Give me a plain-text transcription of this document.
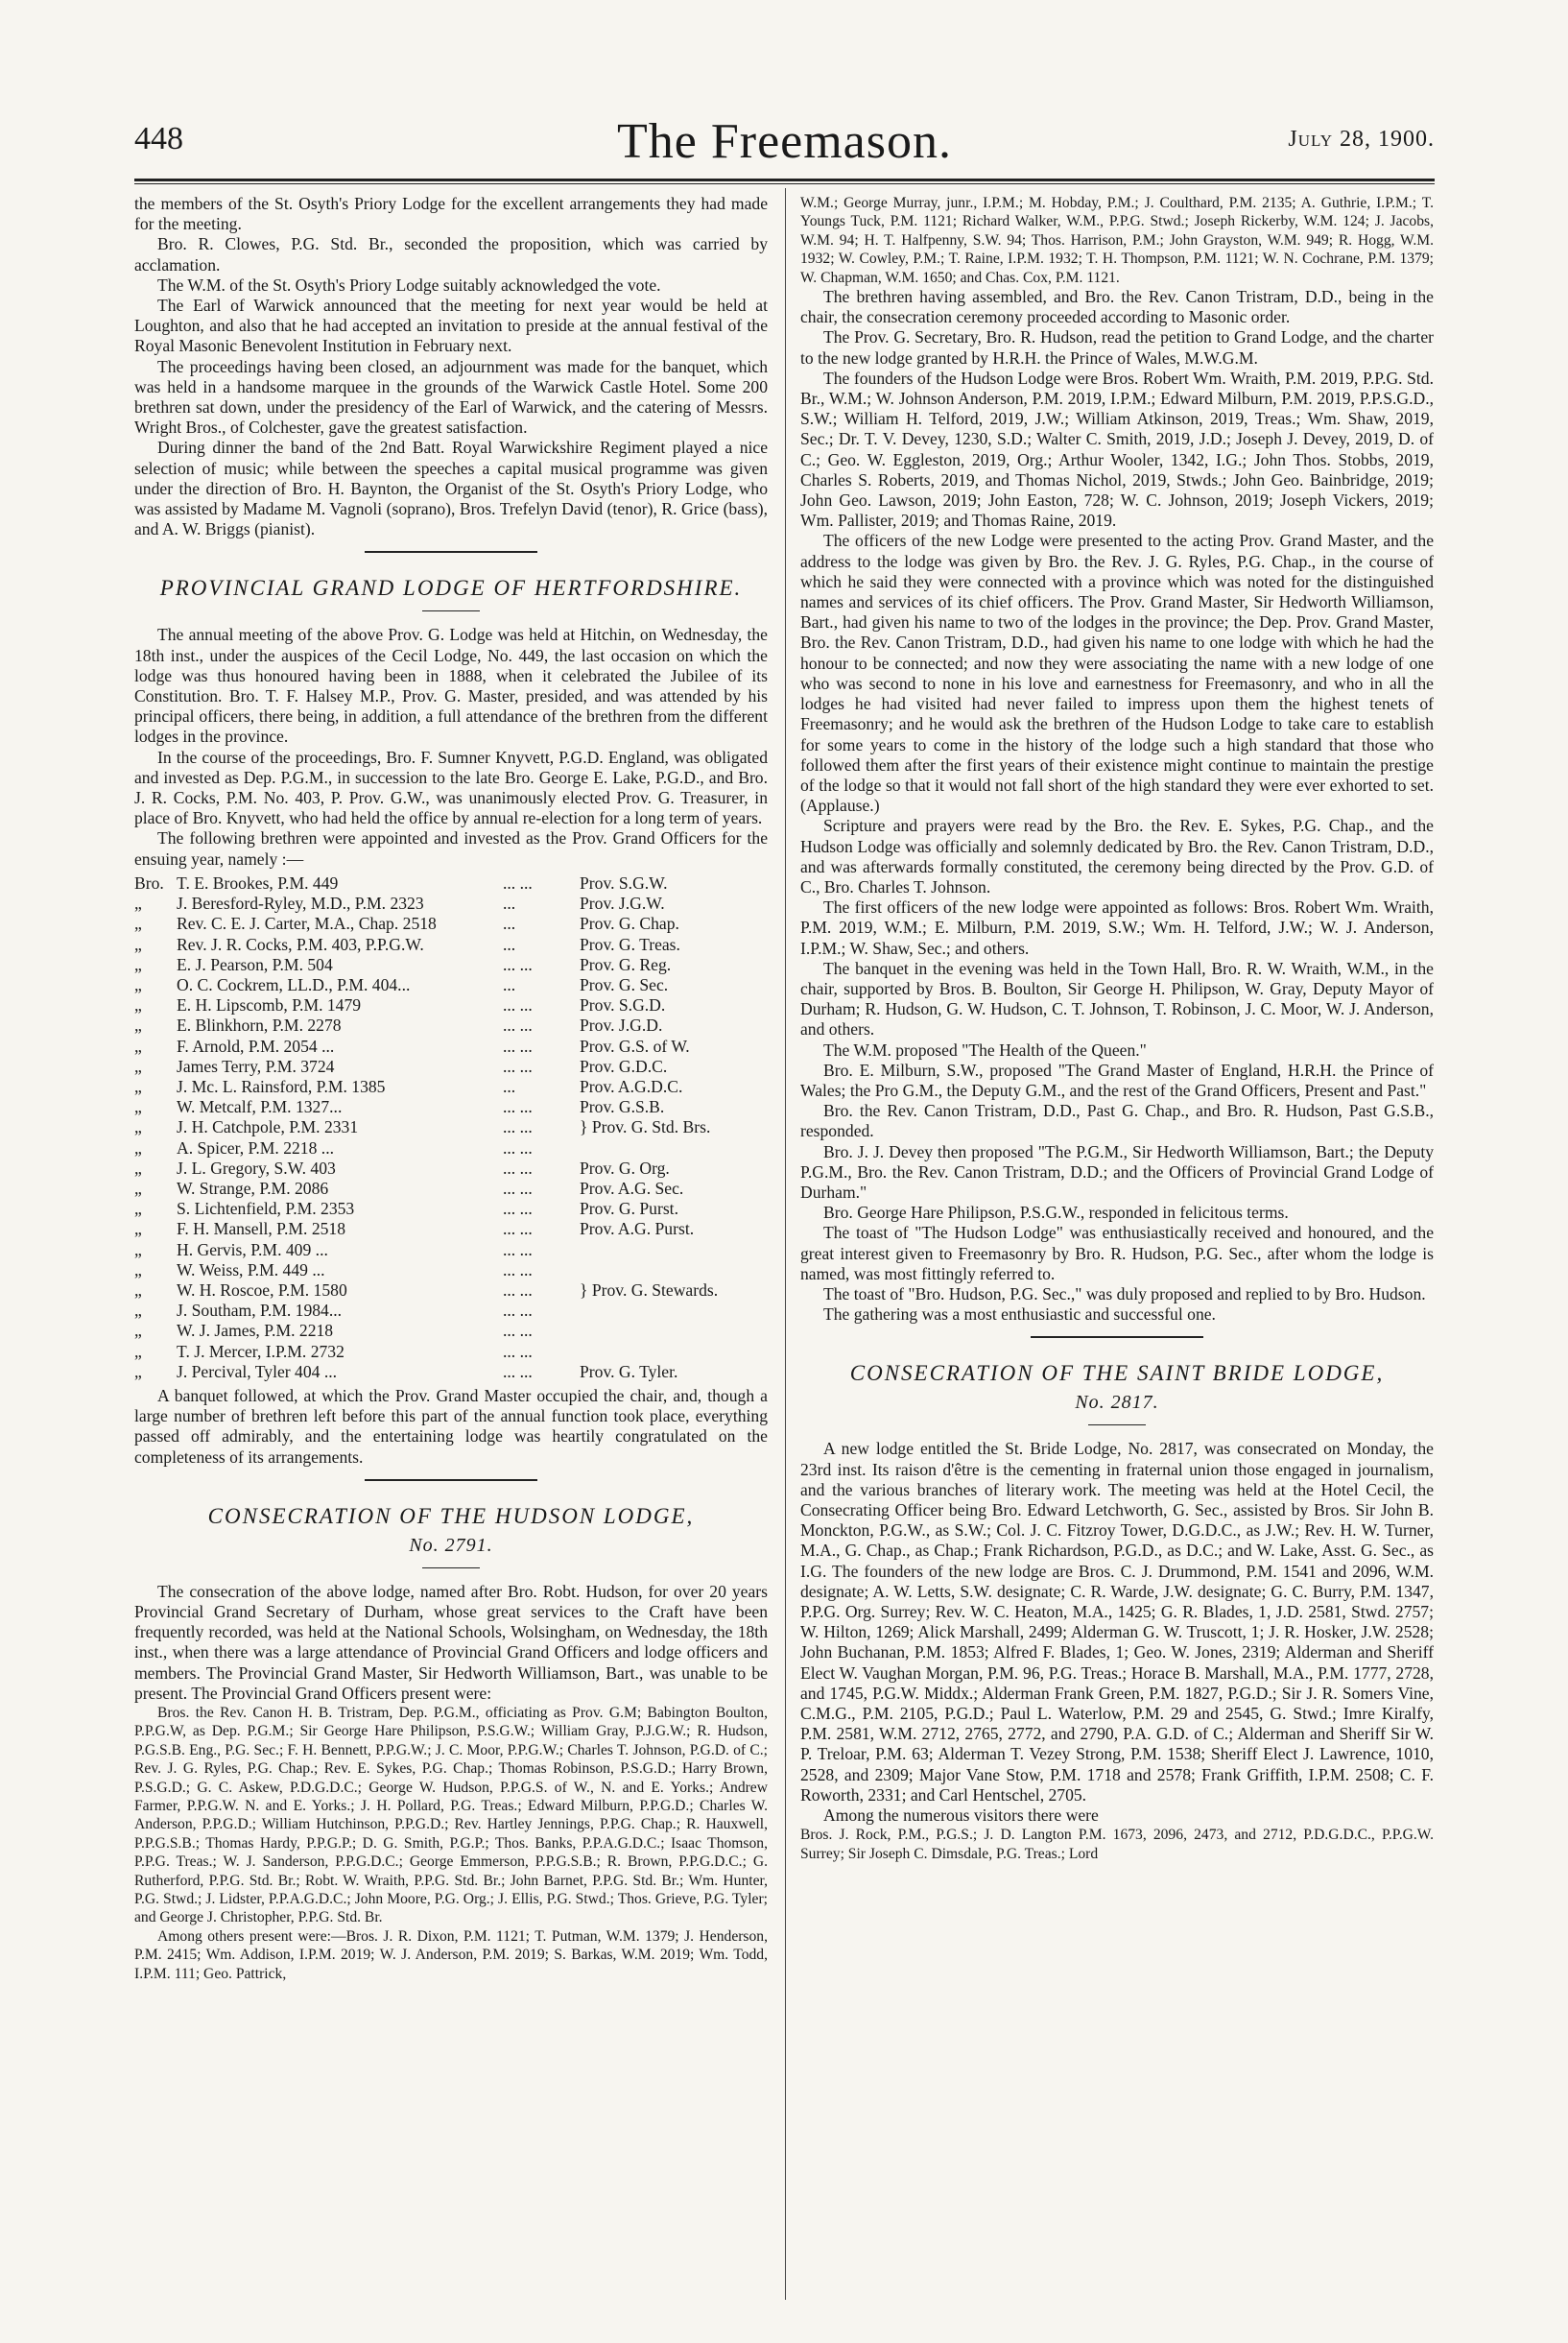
448	The Freemason.	July 28, 1900.

the members of the St. Osyth's Priory Lodge for the excellent arrangements they had made for the meeting.

Bro. R. Clowes, P.G. Std. Br., seconded the proposition, which was carried by acclamation.

The W.M. of the St. Osyth's Priory Lodge suitably acknowledged the vote.

The Earl of Warwick announced that the meeting for next year would be held at Loughton, and also that he had accepted an invitation to preside at the annual festival of the Royal Masonic Benevolent Institution in February next.

The proceedings having been closed, an adjournment was made for the banquet, which was held in a handsome marquee in the grounds of the Warwick Castle Hotel. Some 200 brethren sat down, under the presidency of the Earl of Warwick, and the catering of Messrs. Wright Bros., of Colchester, gave the greatest satisfaction.

During dinner the band of the 2nd Batt. Royal Warwickshire Regiment played a nice selection of music; while between the speeches a capital musical programme was given under the direction of Bro. H. Baynton, the Organist of the St. Osyth's Priory Lodge, who was assisted by Madame M. Vagnoli (soprano), Bros. Trefelyn David (tenor), R. Grice (bass), and A. W. Briggs (pianist).

PROVINCIAL GRAND LODGE OF HERTFORDSHIRE.

The annual meeting of the above Prov. G. Lodge was held at Hitchin, on Wednesday, the 18th inst., under the auspices of the Cecil Lodge, No. 449, the last occasion on which the lodge was thus honoured having been in 1888, when it celebrated the Jubilee of its Constitution. Bro. T. F. Halsey M.P., Prov. G. Master, presided, and was attended by his principal officers, there being, in addition, a full attendance of the brethren from the different lodges in the province.

In the course of the proceedings, Bro. F. Sumner Knyvett, P.G.D. England, was obligated and invested as Dep. P.G.M., in succession to the late Bro. George E. Lake, P.G.D., and Bro. J. R. Cocks, P.M. No. 403, P. Prov. G.W., was unanimously elected Prov. G. Treasurer, in place of Bro. Knyvett, who had held the office by annual re-election for a long term of years.

The following brethren were appointed and invested as the Prov. Grand Officers for the ensuing year, namely :—

Bro. T. E. Brookes, P.M. 449	... ...	Prov. S.G.W.
„	J. Beresford-Ryley, M.D., P.M. 2323	...	Prov. J.G.W.
„	Rev. C. E. J. Carter, M.A., Chap. 2518	...	Prov. G. Chap.
„	Rev. J. R. Cocks, P.M. 403, P.P.G.W.	...	Prov. G. Treas.
„	E. J. Pearson, P.M. 504	... ...	Prov. G. Reg.
„	O. C. Cockrem, LL.D., P.M. 404...	...	Prov. G. Sec.
„	E. H. Lipscomb, P.M. 1479	... ...	Prov. S.G.D.
„	E. Blinkhorn, P.M. 2278	... ...	Prov. J.G.D.
„	F. Arnold, P.M. 2054 ...	... ...	Prov. G.S. of W.
„	James Terry, P.M. 3724	... ...	Prov. G.D.C.
„	J. Mc. L. Rainsford, P.M. 1385	...	Prov. A.G.D.C.
„	W. Metcalf, P.M. 1327...	... ...	Prov. G.S.B.
„	J. H. Catchpole, P.M. 2331	... ...	} Prov. G. Std. Brs.
„	A. Spicer, P.M. 2218 ...	... ...
„	J. L. Gregory, S.W. 403	... ...	Prov. G. Org.
„	W. Strange, P.M. 2086	... ...	Prov. A.G. Sec.
„	S. Lichtenfield, P.M. 2353	... ...	Prov. G. Purst.
„	F. H. Mansell, P.M. 2518	... ...	Prov. A.G. Purst.
„	H. Gervis, P.M. 409 ...	... ...
„	W. Weiss, P.M. 449 ...	... ...
„	W. H. Roscoe, P.M. 1580	... ...	} Prov. G. Stewards.
„	J. Southam, P.M. 1984...	... ...
„	W. J. James, P.M. 2218	... ...
„	T. J. Mercer, I.P.M. 2732	... ...
„	J. Percival, Tyler 404 ...	... ...	Prov. G. Tyler.

A banquet followed, at which the Prov. Grand Master occupied the chair, and, though a large number of brethren left before this part of the annual function took place, everything passed off admirably, and the entertaining lodge was heartily congratulated on the completeness of its arrangements.

CONSECRATION OF THE HUDSON LODGE,
No. 2791.

The consecration of the above lodge, named after Bro. Robt. Hudson, for over 20 years Provincial Grand Secretary of Durham, whose great services to the Craft have been frequently recorded, was held at the National Schools, Wolsingham, on Wednesday, the 18th inst., when there was a large attendance of Provincial Grand Officers and lodge officers and members. The Provincial Grand Master, Sir Hedworth Williamson, Bart., was unable to be present. The Provincial Grand Officers present were:

Bros. the Rev. Canon H. B. Tristram, Dep. P.G.M., officiating as Prov. G.M; Babington Boulton, P.P.G.W, as Dep. P.G.M.; Sir George Hare Philipson, P.S.G.W.; William Gray, P.J.G.W.; R. Hudson, P.G.S.B. Eng., P.G. Sec.; F. H. Bennett, P.P.G.W.; J. C. Moor, P.P.G.W.; Charles T. Johnson, P.G.D. of C.; Rev. J. G. Ryles, P.G. Chap.; Rev. E. Sykes, P.G. Chap.; Thomas Robinson, P.S.G.D.; Harry Brown, P.S.G.D.; G. C. Askew, P.D.G.D.C.; George W. Hudson, P.P.G.S. of W., N. and E. Yorks.; Andrew Farmer, P.P.G.W. N. and E. Yorks.; J. H. Pollard, P.G. Treas.; Edward Milburn, P.P.G.D.; Charles W. Anderson, P.P.G.D.; William Hutchinson, P.P.G.D.; Rev. Hartley Jennings, P.P.G. Chap.; R. Hauxwell, P.P.G.S.B.; Thomas Hardy, P.P.G.P.; D. G. Smith, P.G.P.; Thos. Banks, P.P.A.G.D.C.; Isaac Thomson, P.P.G. Treas.; W. J. Sanderson, P.P.G.D.C.; George Emmerson, P.P.G.S.B.; R. Brown, P.P.G.D.C.; G. Rutherford, P.P.G. Std. Br.; Robt. W. Wraith, P.P.G. Std. Br.; John Barnet, P.P.G. Std. Br.; Wm. Hunter, P.G. Stwd.; J. Lidster, P.P.A.G.D.C.; John Moore, P.G. Org.; J. Ellis, P.G. Stwd.; Thos. Grieve, P.G. Tyler; and George J. Christopher, P.P.G. Std. Br.

Among others present were:—Bros. J. R. Dixon, P.M. 1121; T. Putman, W.M. 1379; J. Henderson, P.M. 2415; Wm. Addison, I.P.M. 2019; W. J. Anderson, P.M. 2019; S. Barkas, W.M. 2019; Wm. Todd, I.P.M. 111; Geo. Pattrick,

W.M.; George Murray, junr., I.P.M.; M. Hobday, P.M.; J. Coulthard, P.M. 2135; A. Guthrie, I.P.M.; T. Youngs Tuck, P.M. 1121; Richard Walker, W.M., P.P.G. Stwd.; Joseph Rickerby, W.M. 124; J. Jacobs, W.M. 94; H. T. Halfpenny, S.W. 94; Thos. Harrison, P.M.; John Grayston, W.M. 949; R. Hogg, W.M. 1932; W. Cowley, P.M.; T. Raine, I.P.M. 1932; T. H. Thompson, P.M. 1121; W. N. Cochrane, P.M. 1379; W. Chapman, W.M. 1650; and Chas. Cox, P.M. 1121.

The brethren having assembled, and Bro. the Rev. Canon Tristram, D.D., being in the chair, the consecration ceremony proceeded according to Masonic order.

The Prov. G. Secretary, Bro. R. Hudson, read the petition to Grand Lodge, and the charter to the new lodge granted by H.R.H. the Prince of Wales, M.W.G.M.

The founders of the Hudson Lodge were Bros. Robert Wm. Wraith, P.M. 2019, P.P.G. Std. Br., W.M.; W. Johnson Anderson, P.M. 2019, I.P.M.; Edward Milburn, P.M. 2019, P.P.S.G.D., S.W.; William H. Telford, 2019, J.W.; William Atkinson, 2019, Treas.; Wm. Shaw, 2019, Sec.; Dr. T. V. Devey, 1230, S.D.; Walter C. Smith, 2019, J.D.; Joseph J. Devey, 2019, D. of C.; Geo. W. Eggleston, 2019, Org.; Arthur Wooler, 1342, I.G.; John Thos. Stobbs, 2019, Charles S. Roberts, 2019, and Thomas Nichol, 2019, Stwds.; John Geo. Bainbridge, 2019; John Geo. Lawson, 2019; John Easton, 728; W. C. Johnson, 2019; Joseph Vickers, 2019; Wm. Pallister, 2019; and Thomas Raine, 2019.

The officers of the new Lodge were presented to the acting Prov. Grand Master, and the address to the lodge was given by Bro. the Rev. J. G. Ryles, P.G. Chap., in the course of which he said they were connected with a province which was noted for the distinguished names and services of its chief officers. The Prov. Grand Master, Sir Hedworth Williamson, Bart., had given his name to two of the lodges in the province; the Dep. Prov. Grand Master, Bro. the Rev. Canon Tristram, D.D., had given his name to one lodge with which he had the honour to be connected; and now they were associating the name with a new lodge of one who was second to none in his love and earnestness for Freemasonry, and who in all the lodges he had visited had never failed to impress upon them the highest tenets of Freemasonry; and he would ask the brethren of the Hudson Lodge to take care to establish for some years to come in the history of the lodge such a high standard that those who followed them after the first years of their existence might continue to maintain the prestige of the lodge so that it would not fall short of the high standard they were ever exhorted to set. (Applause.)

Scripture and prayers were read by the Bro. the Rev. E. Sykes, P.G. Chap., and the Hudson Lodge was officially and solemnly dedicated by Bro. the Rev. Canon Tristram, D.D., and was afterwards formally constituted, the ceremony being directed by the Prov. G.D. of C., Bro. Charles T. Johnson.

The first officers of the new lodge were appointed as follows: Bros. Robert Wm. Wraith, P.M. 2019, W.M.; E. Milburn, P.M. 2019, S.W.; Wm. H. Telford, J.W.; W. J. Anderson, I.P.M.; W. Shaw, Sec.; and others.

The banquet in the evening was held in the Town Hall, Bro. R. W. Wraith, W.M., in the chair, supported by Bros. B. Boulton, Sir George H. Philipson, W. Gray, Deputy Mayor of Durham; R. Hudson, G. W. Hudson, C. T. Johnson, T. Robinson, J. C. Moor, W. J. Anderson, and others.

The W.M. proposed "The Health of the Queen."

Bro. E. Milburn, S.W., proposed "The Grand Master of England, H.R.H. the Prince of Wales; the Pro G.M., the Deputy G.M., and the rest of the Grand Officers, Present and Past."

Bro. the Rev. Canon Tristram, D.D., Past G. Chap., and Bro. R. Hudson, Past G.S.B., responded.

Bro. J. J. Devey then proposed "The P.G.M., Sir Hedworth Williamson, Bart.; the Deputy P.G.M., Bro. the Rev. Canon Tristram, D.D.; and the Officers of Provincial Grand Lodge of Durham."

Bro. George Hare Philipson, P.S.G.W., responded in felicitous terms.

The toast of "The Hudson Lodge" was enthusiastically received and honoured, and the great interest given to Freemasonry by Bro. R. Hudson, P.G. Sec., after whom the lodge is named, was most fittingly referred to.

The toast of "Bro. Hudson, P.G. Sec.," was duly proposed and replied to by Bro. Hudson.

The gathering was a most enthusiastic and successful one.

CONSECRATION OF THE SAINT BRIDE LODGE,
No. 2817.

A new lodge entitled the St. Bride Lodge, No. 2817, was consecrated on Monday, the 23rd inst. Its raison d'être is the cementing in fraternal union those engaged in journalism, and the various branches of literary work. The meeting was held at the Hotel Cecil, the Consecrating Officer being Bro. Edward Letchworth, G. Sec., assisted by Bros. Sir John B. Monckton, P.G.W., as S.W.; Col. J. C. Fitzroy Tower, D.G.D.C., as J.W.; Rev. H. W. Turner, M.A., G. Chap., as Chap.; Frank Richardson, P.G.D., as D.C.; and W. Lake, Asst. G. Sec., as I.G. The founders of the new lodge are Bros. C. J. Drummond, P.M. 1541 and 2096, W.M. designate; A. W. Letts, S.W. designate; C. R. Warde, J.W. designate; G. C. Burry, P.M. 1347, P.P.G. Org. Surrey; Rev. W. C. Heaton, M.A., 1425; G. R. Blades, 1, J.D. 2581, Stwd. 2757; W. Hilton, 1269; Alick Marshall, 2499; Alderman G. W. Truscott, 1; J. R. Hosker, J.W. 2528; John Buchanan, P.M. 1853; Alfred F. Blades, 1; Geo. W. Jones, 2319; Alderman and Sheriff Elect W. Vaughan Morgan, P.M. 96, P.G. Treas.; Horace B. Marshall, M.A., P.M. 1777, 2728, and 1745, P.G.W. Middx.; Alderman Frank Green, P.M. 1827, P.G.D.; Sir J. R. Somers Vine, C.M.G., P.M. 2105, P.G.D.; Paul L. Waterlow, P.M. 29 and 2545, G. Stwd.; Imre Kiralfy, P.M. 2581, W.M. 2712, 2765, 2772, and 2790, P.A. G.D. of C.; Alderman and Sheriff Sir W. P. Treloar, P.M. 63; Alderman T. Vezey Strong, P.M. 1538; Sheriff Elect J. Lawrence, 1010, 2528, and 2309; Major Vane Stow, P.M. 1718 and 2578; Frank Griffith, I.P.M. 2508; C. F. Roworth, 2331; and Carl Hentschel, 2705.

Among the numerous visitors there were

Bros. J. Rock, P.M., P.G.S.; J. D. Langton P.M. 1673, 2096, 2473, and 2712, P.D.G.D.C., P.P.G.W. Surrey; Sir Joseph C. Dimsdale, P.G. Treas.; Lord
